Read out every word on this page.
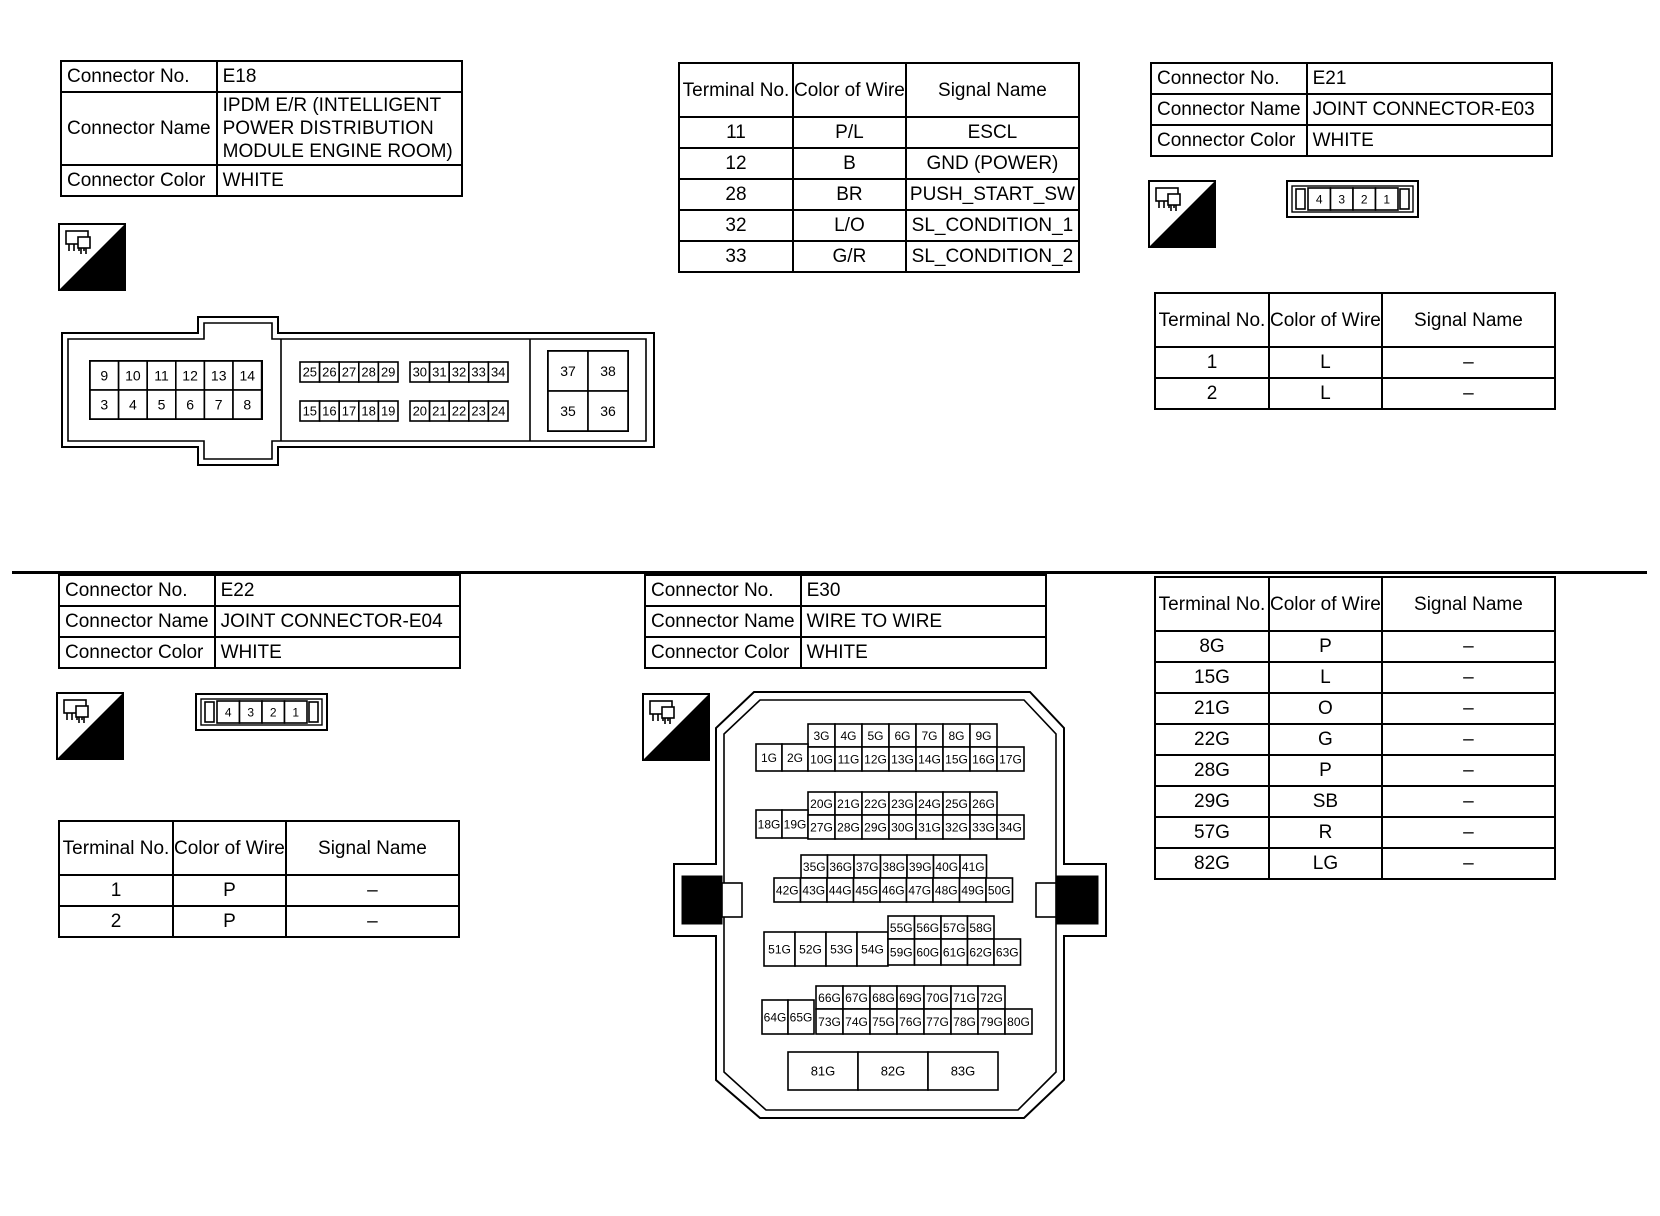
Connector No.	E18
Connector Name	IPDM E/R (INTELLIGENT POWER DISTRIBUTION MODULE ENGINE ROOM)
Connector Color	WHITE
H.S.
9 10 11 12 13 14
3 4 5 6 7 8
25 26 27 28 29 30 31 32 33 34
15 16 17 18 19 20 21 22 23 24
37 38
35 36
Terminal No.	Color of Wire	Signal Name
11	P/L	ESCL
12	B	GND (POWER)
28	BR	PUSH_START_SW
32	L/O	SL_CONDITION_1
33	G/R	SL_CONDITION_2
Connector No.	E21
Connector Name	JOINT CONNECTOR-E03
Connector Color	WHITE
H.S.
4 3 2 1
Terminal No.	Color of Wire	Signal Name
1	L	–
2	L	–
Connector No.	E22
Connector Name	JOINT CONNECTOR-E04
Connector Color	WHITE
H.S.
4 3 2 1
Terminal No.	Color of Wire	Signal Name
1	P	–
2	P	–
Connector No.	E30
Connector Name	WIRE TO WIRE
Connector Color	WHITE
H.S.
3G 4G 5G 6G 7G 8G 9G
1G 2G 10G 11G 12G 13G 14G 15G 16G 17G
20G 21G 22G 23G 24G 25G 26G
18G 19G 27G 28G 29G 30G 31G 32G 33G 34G
35G 36G 37G 38G 39G 40G 41G
42G 43G 44G 45G 46G 47G 48G 49G 50G
51G 52G 53G 54G
55G 56G 57G 58G
59G 60G 61G 62G 63G
66G 67G 68G 69G 70G 71G 72G
64G 65G 73G 74G 75G 76G 77G 78G 79G 80G
81G	82G	83G
Terminal No.	Color of Wire	Signal Name
8G	P	–
15G	L	–
21G	O	–
22G	G	–
28G	P	–
29G	SB	–
57G	R	–
82G	LG	–
